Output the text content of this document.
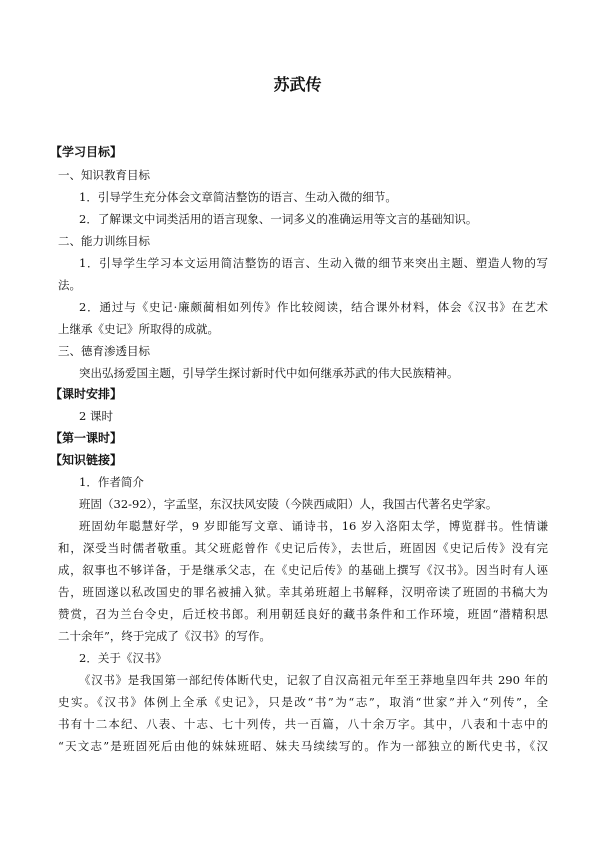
苏武传
【学习目标】
一、知识教育目标
1．引导学生充分体会文章简洁整饬的语言、生动入微的细节。
2．了解课文中词类活用的语言现象、一词多义的准确运用等文言的基础知识。
二、能力训练目标
1．引导学生学习本文运用简洁整饬的语言、生动入微的细节来突出主题、塑造人物的写
法。
2．通过与《史记·廉颇蔺相如列传》作比较阅读，结合课外材料，体会《汉书》在艺术
上继承《史记》所取得的成就。
三、德育渗透目标
突出弘扬爱国主题，引导学生探讨新时代中如何继承苏武的伟大民族精神。
【课时安排】
2 课时
【第一课时】
【知识链接】
1．作者简介
班固（32-92），字孟坚，东汉扶风安陵（今陕西咸阳）人，我国古代著名史学家。
班固幼年聪慧好学，9 岁即能写文章、诵诗书，16 岁入洛阳太学，博览群书。性情谦
和，深受当时儒者敬重。其父班彪曾作《史记后传》，去世后，班固因《史记后传》没有完
成，叙事也不够详备，于是继承父志，在《史记后传》的基础上撰写《汉书》。因当时有人诬
告，班固遂以私改国史的罪名被捕入狱。幸其弟班超上书解释，汉明帝读了班固的书稿大为
赞赏，召为兰台令史，后迁校书郎。利用朝廷良好的藏书条件和工作环境，班固“潜精积思
二十余年”，终于完成了《汉书》的写作。
2．关于《汉书》
《汉书》是我国第一部纪传体断代史，记叙了自汉高祖元年至王莽地皇四年共 290 年的
史实。《汉书》体例上全承《史记》，只是改“书”为“志”，取消“世家”并入“列传”，全
书有十二本纪、八表、十志、七十列传，共一百篇，八十余万字。其中，八表和十志中的
“天文志”是班固死后由他的妹妹班昭、妹夫马续续写的。作为一部独立的断代史书，《汉
